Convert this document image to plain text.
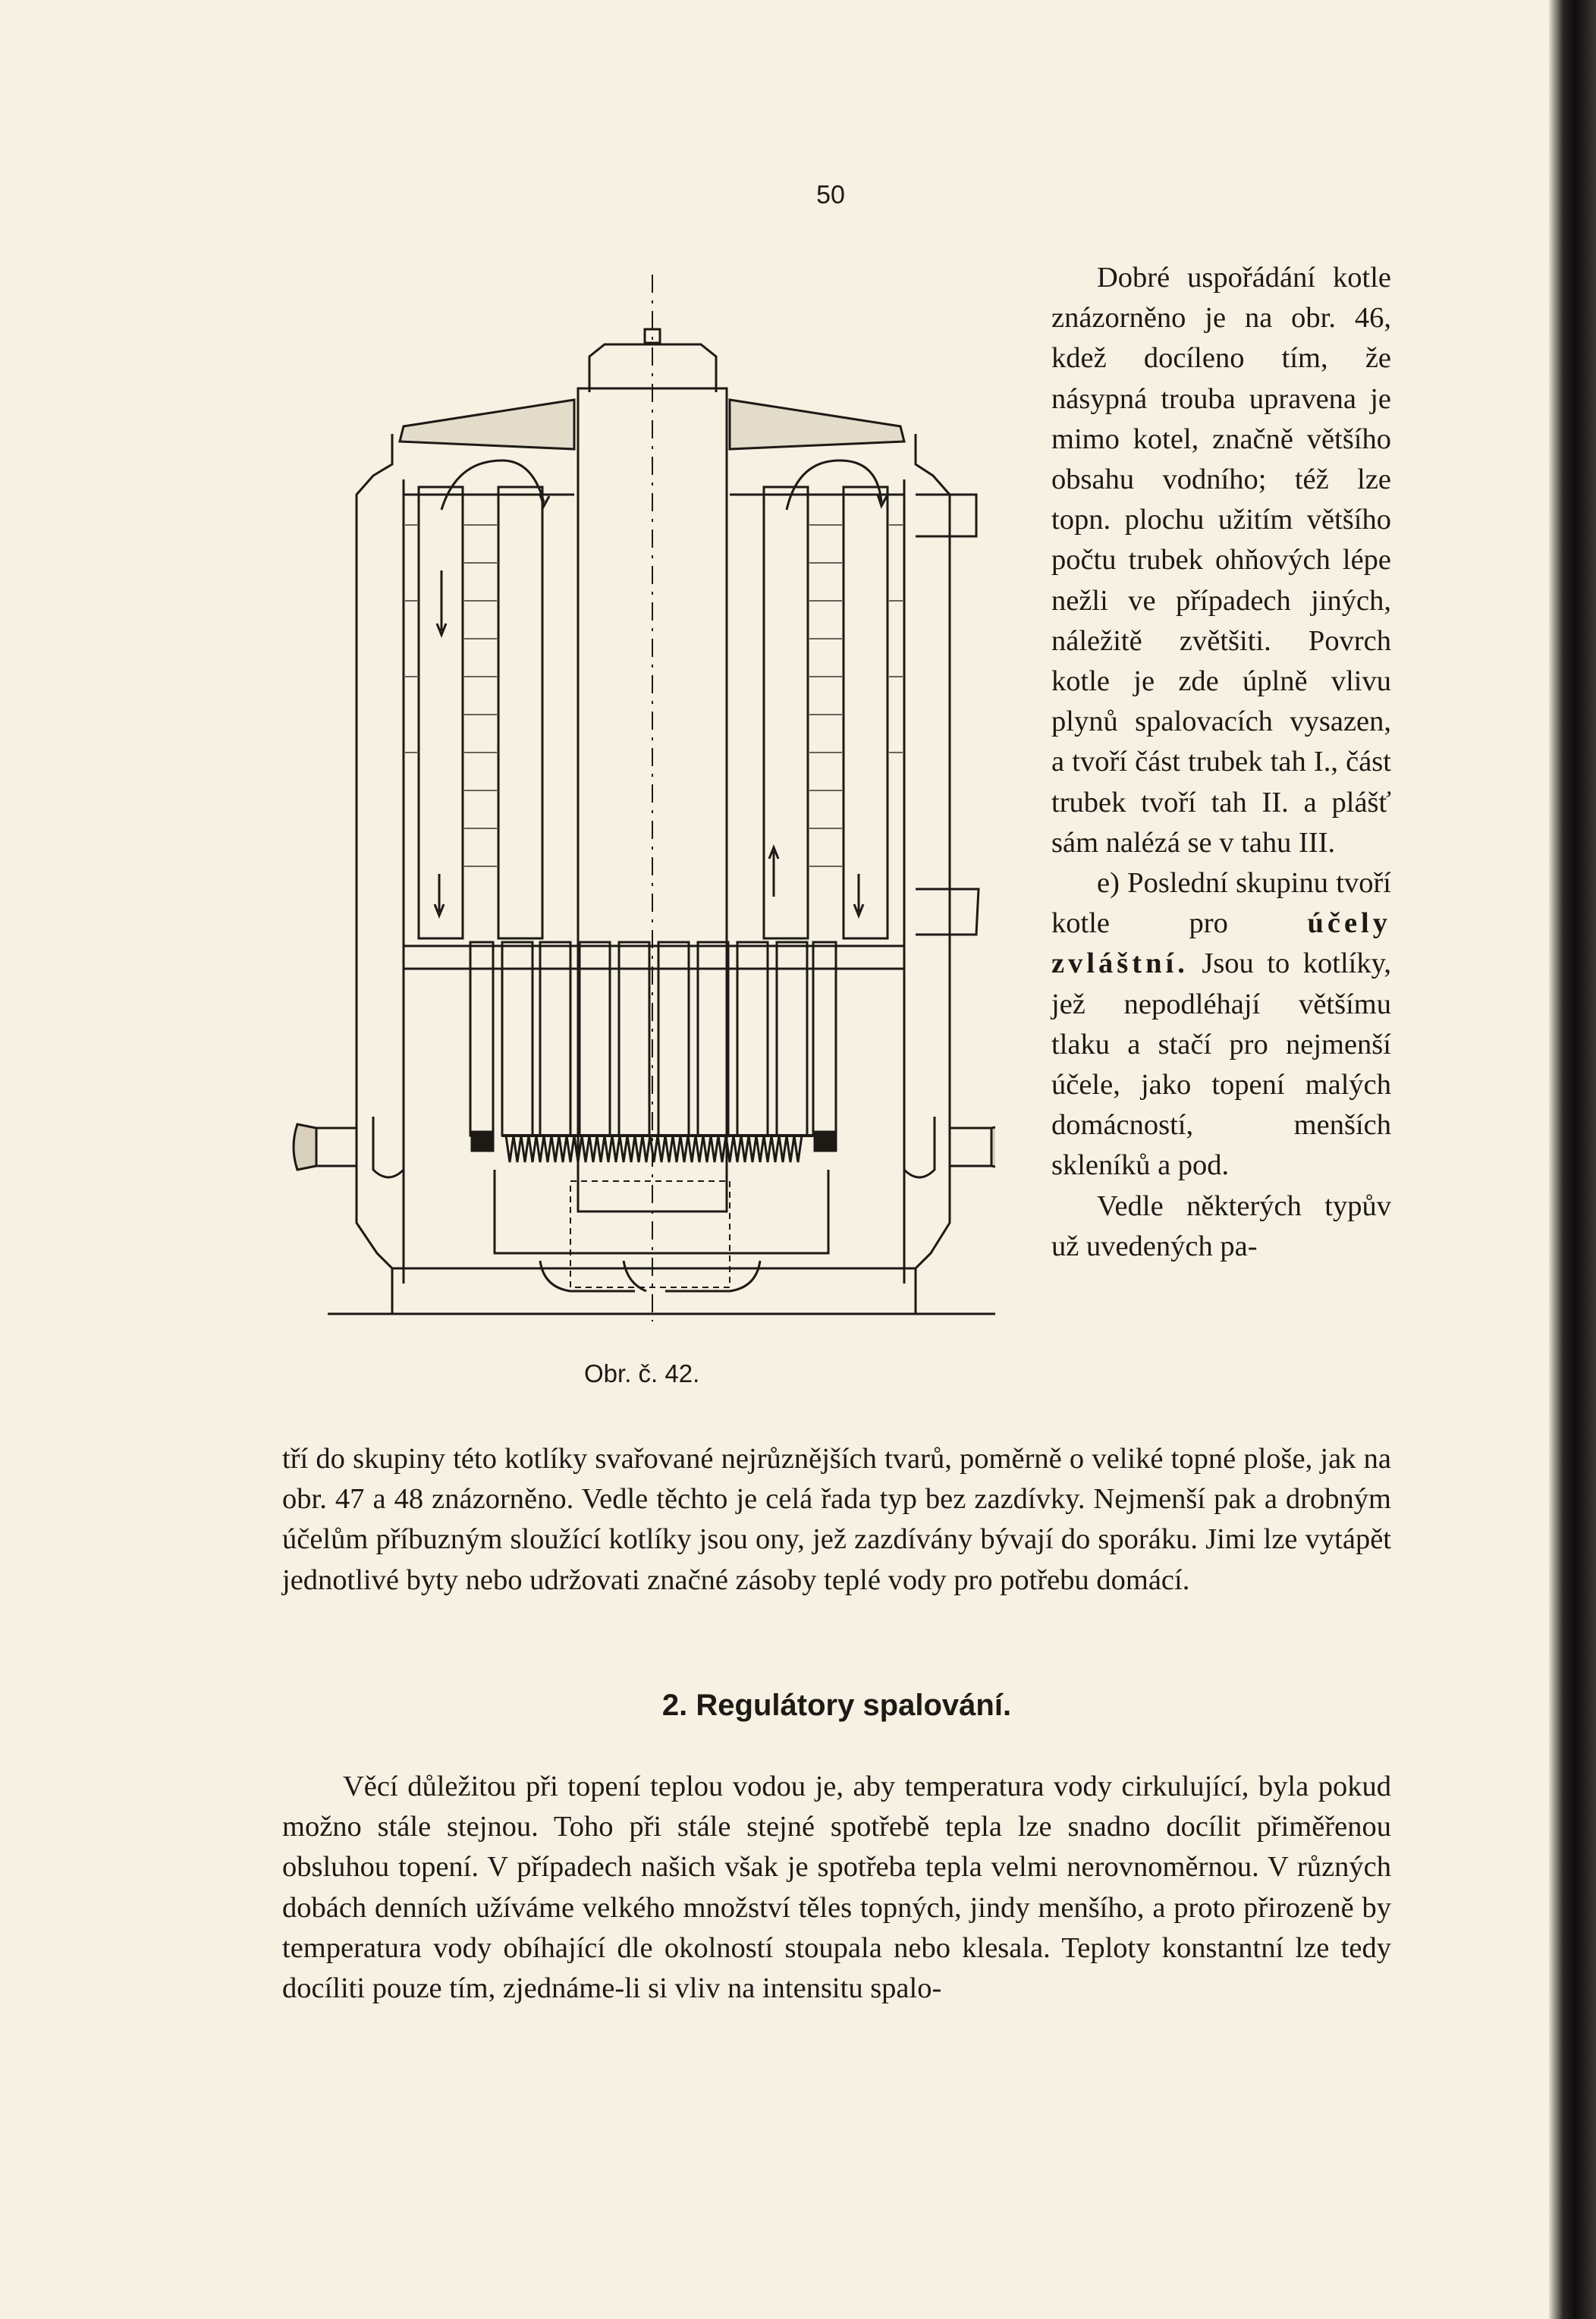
50
Obr. č. 42.

Dobré uspořádání kotle znázorněno je na obr. 46, kdež docíleno tím, že násypná trouba upravena je mimo kotel, značně většího obsahu vodního; též lze topn. plochu užitím většího počtu trubek ohňových lépe nežli ve případech jiných, náležitě zvětšiti. Povrch kotle je zde úplně vlivu plynů spalovacích vysazen, a tvoří část trubek tah I., část trubek tvoří tah II. a plášť sám nalézá se v tahu III.

e) Poslední skupinu tvoří kotle pro	účely zvláštní. Jsou to kotlíky, jež nepodléhají většímu tlaku a stačí pro nejmenší účele, jako topení malých domácností, menších skleníků a pod.

Vedle některých typův už uvedených pa-

tří do skupiny této kotlíky svařované nejrůznějších tvarů, poměrně o veliké topné ploše, jak na obr. 47 a 48 znázorněno. Vedle těchto je celá řada typ bez zazdívky. Nejmenší pak a drobným účelům příbuzným sloužící kotlíky jsou ony, jež zazdívány bývají do sporáku. Jimi lze vytápět jednotlivé byty nebo udržovati značné zásoby teplé vody pro potřebu domácí.
2. Regulátory spalování.
Věcí důležitou při topení teplou vodou je, aby temperatura vody cirkulující, byla pokud možno stále stejnou. Toho při stále stejné spotřebě tepla lze snadno docílit přiměřenou obsluhou topení. V případech našich však je spotřeba tepla velmi nerovnoměrnou. V různých dobách denních užíváme velkého množství těles topných, jindy menšího, a proto přirozeně by temperatura vody obíhající dle okolností stoupala nebo klesala. Teploty konstantní lze tedy docíliti pouze tím, zjednáme-li si vliv na intensitu spalo-
